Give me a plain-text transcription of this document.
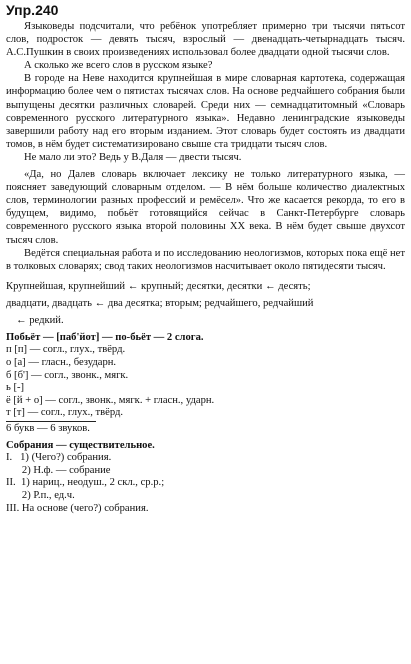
Упр.240

Языковеды подсчитали, что ребёнок употребляет примерно три тысячи пятьсот слов, подросток — девять тысяч, взрослый — двенадцать-четырнадцать тысяч. А.С.Пушкин в своих произведениях использовал более двадцати одной тысячи слов.

А сколько же всего слов в русском языке?

В городе на Неве находится крупнейшая в мире словарная картотека, содержащая информацию более чем о пятистах тысячах слов. На основе редчайшего собрания были выпущены десятки различных словарей. Среди них — семнадцатитомный «Словарь современного русского литературного языка». Недавно ленинградские языковеды завершили работу над его вторым изданием. Этот словарь будет состоять из двадцати томов, в нём будет систематизировано свыше ста тридцати тысяч слов.

Не мало ли это? Ведь у В.Даля — двести тысяч.

«Да, но Далев словарь включает лексику не только литературного языка, — поясняет заведующий словарным отделом. — В нём больше количество диалектных слов, терминологии разных профессий и ремёсел». Что же касается рекорда, то его в будущем, видимо, побьёт готовящийся сейчас в Санкт-Петербурге словарь современного русского языка второй половины XX века. В нём будет свыше двухсот тысяч слов.

Ведётся специальная работа и по исследованию неологизмов, которых пока ещё нет в толковых словарях; свод таких неологизмов насчитывает около пятидесяти тысяч.

Крупнейшая, крупнейший ← крупный; десятки, десятки ← десять;

двадцати, двадцать ← два десятка; вторым; редчайшего, редчайший

← редкий.

Побьёт — [паб'йот] — по-бьёт — 2 слога.

п [п] — согл., глух., твёрд.

о [а] — гласн., безударн.

б [б'] — согл., звонк., мягк.

ь [-]

ё [й + о] — согл., звонк., мягк. + гласн., ударн.

т [т] — согл., глух., твёрд.

6 букв — 6 звуков.

Собрания — существительное.

I.   1) (Чего?) собрания.

2) Н.ф. — собрание

II.  1) нариц., неодуш., 2 скл., ср.р.;

2) Р.п., ед.ч.

III. На основе (чего?) собрания.
